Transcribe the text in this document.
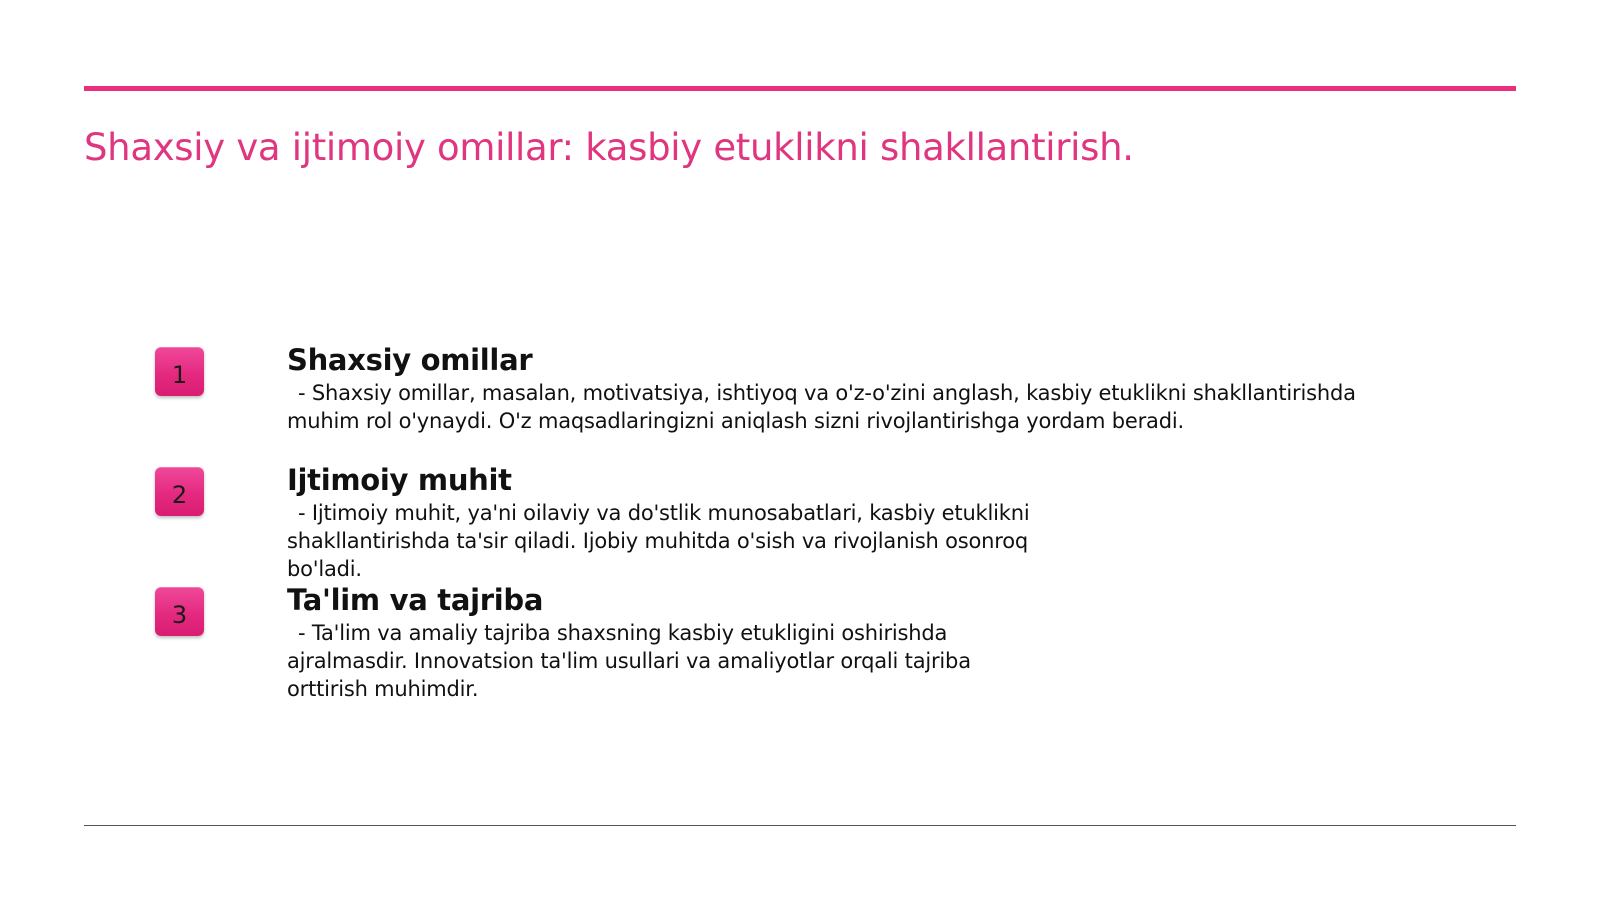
Shaxsiy va ijtimoiy omillar: kasbiy etuklikni shakllantirish.
1	Shaxsiy omillar
- Shaxsiy omillar, masalan, motivatsiya, ishtiyoq va o'z-o'zini anglash, kasbiy etuklikni shakllantirishda muhim rol o'ynaydi. O'z maqsadlaringizni aniqlash sizni rivojlantirishga yordam beradi.
2	Ijtimoiy muhit
- Ijtimoiy muhit, ya'ni oilaviy va do'stlik munosabatlari, kasbiy etuklikni shakllantirishda ta'sir qiladi. Ijobiy muhitda o'sish va rivojlanish osonroq bo'ladi.
3	Ta'lim va tajriba
- Ta'lim va amaliy tajriba shaxsning kasbiy etukligini oshirishda ajralmasdir. Innovatsion ta'lim usullari va amaliyotlar orqali tajriba orttirish muhimdir.
